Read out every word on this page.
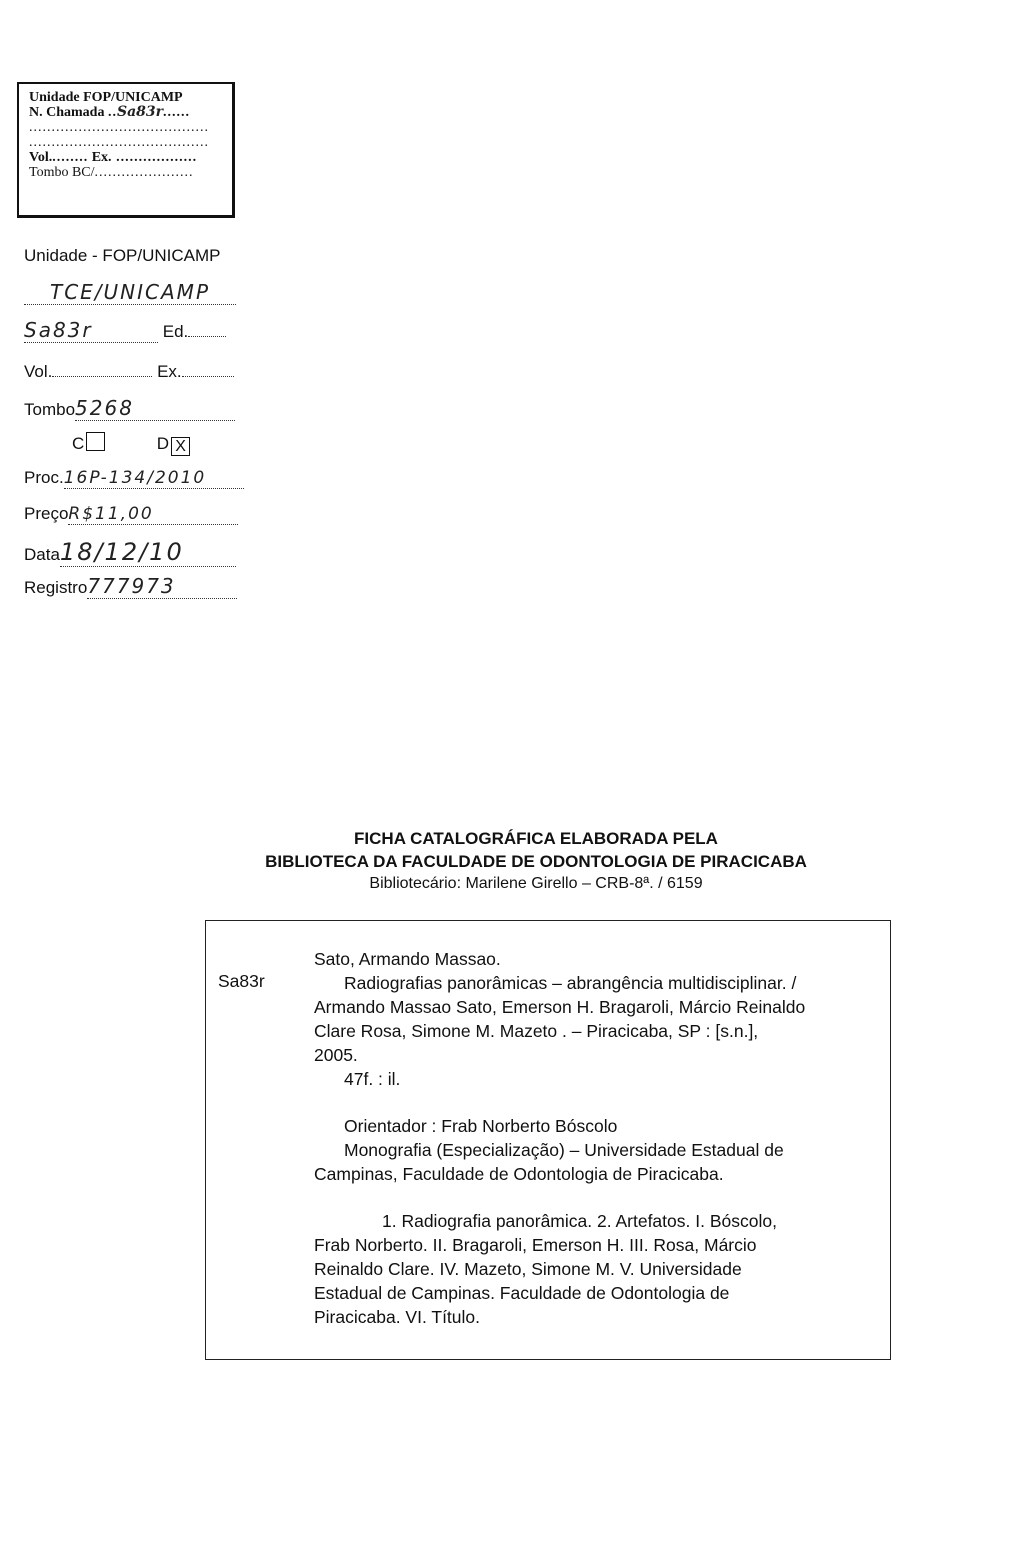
Unidade FOP/UNICAMP
N. Chamada ..Sa83r......
........................................
........................................
Vol......... Ex. ..................
Tombo BC/......................
Unidade - FOP/UNICAMP
TCE/UNICAMP
Sa83r	Ed.
Vol.	Ex.
Tombo5268
C	D X
Proc.16P-134/2010
PreçoR$11,00
Data18/12/10
Registro777973
FICHA CATALOGRÁFICA ELABORADA PELA
BIBLIOTECA DA FACULDADE DE ODONTOLOGIA DE PIRACICABA
Bibliotecário: Marilene Girello – CRB-8ª. / 6159
Sa83r
Sato, Armando Massao.
Radiografias panorâmicas – abrangência multidisciplinar. /
Armando Massao Sato, Emerson H. Bragaroli, Márcio Reinaldo
Clare Rosa, Simone M. Mazeto . – Piracicaba, SP : [s.n.],
2005.
47f. : il.
Orientador : Frab Norberto Bóscolo
Monografia (Especialização) – Universidade Estadual de
Campinas, Faculdade de Odontologia de Piracicaba.
1. Radiografia panorâmica. 2. Artefatos. I. Bóscolo,
Frab Norberto. II. Bragaroli, Emerson H. III. Rosa, Márcio
Reinaldo Clare. IV. Mazeto, Simone M. V. Universidade
Estadual de Campinas. Faculdade de Odontologia de
Piracicaba. VI. Título.
